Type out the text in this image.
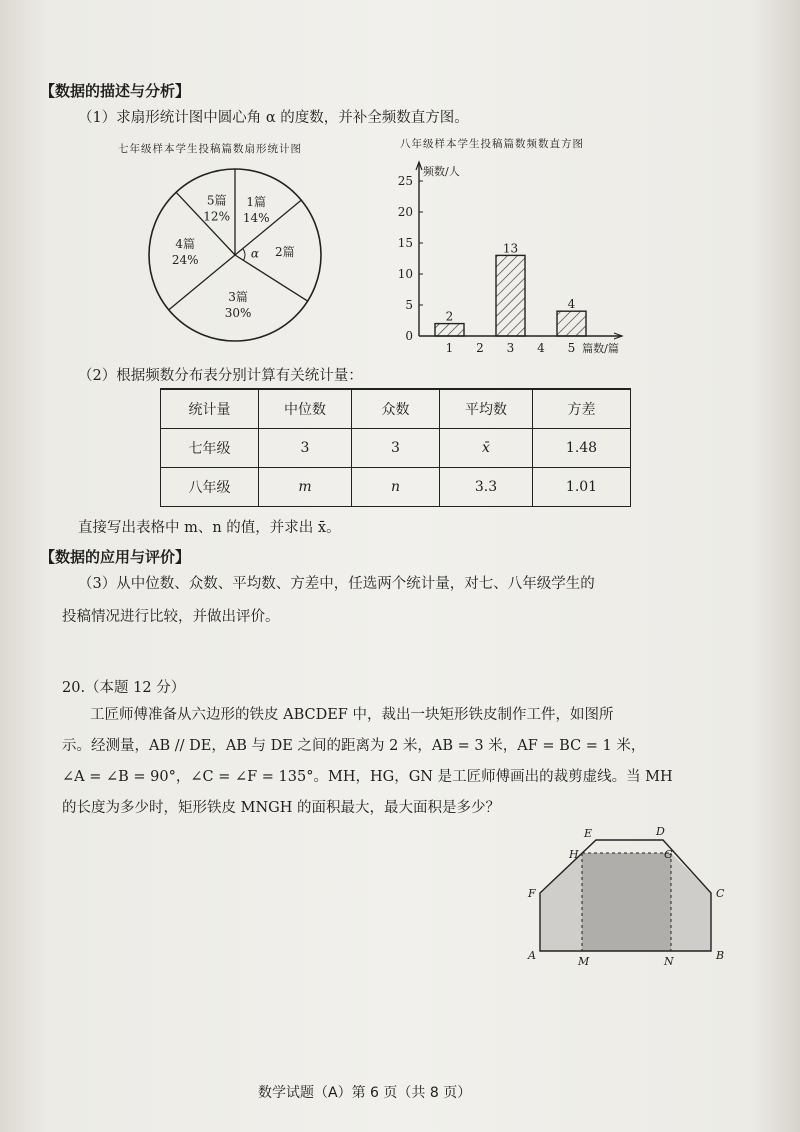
【数据的描述与分析】
（1）求扇形统计图中圆心角 α 的度数，并补全频数直方图。
七年级样本学生投稿篇数扇形统计图
1篇
14%
2篇
3篇
30%
4篇
24%
5篇
12%
α
八年级样本学生投稿篇数频数直方图
频数/人
篇数/篇
0
5
10
15
20
25
1
2
2 3
13
4 5
4
（2）根据频数分布表分别计算有关统计量：
统计量	中位数	众数	平均数	方差
七年级	3	3	x̄	1.48
八年级	m	n	3.3	1.01
直接写出表格中 m、n 的值，并求出 x̄。
【数据的应用与评价】
（3）从中位数、众数、平均数、方差中，任选两个统计量，对七、八年级学生的
投稿情况进行比较，并做出评价。
20.（本题 12 分）
工匠师傅准备从六边形的铁皮 ABCDEF 中，裁出一块矩形铁皮制作工件，如图所
示。经测量，AB // DE，AB 与 DE 之间的距离为 2 米，AB = 3 米，AF = BC = 1 米，
∠A = ∠B = 90°，∠C = ∠F = 135°。MH，HG，GN 是工匠师傅画出的裁剪虚线。当 MH
的长度为多少时，矩形铁皮 MNGH 的面积最大，最大面积是多少？
E	D
H	G
F	C
A	M	N	B
数学试题（A）第 6 页（共 8 页）
